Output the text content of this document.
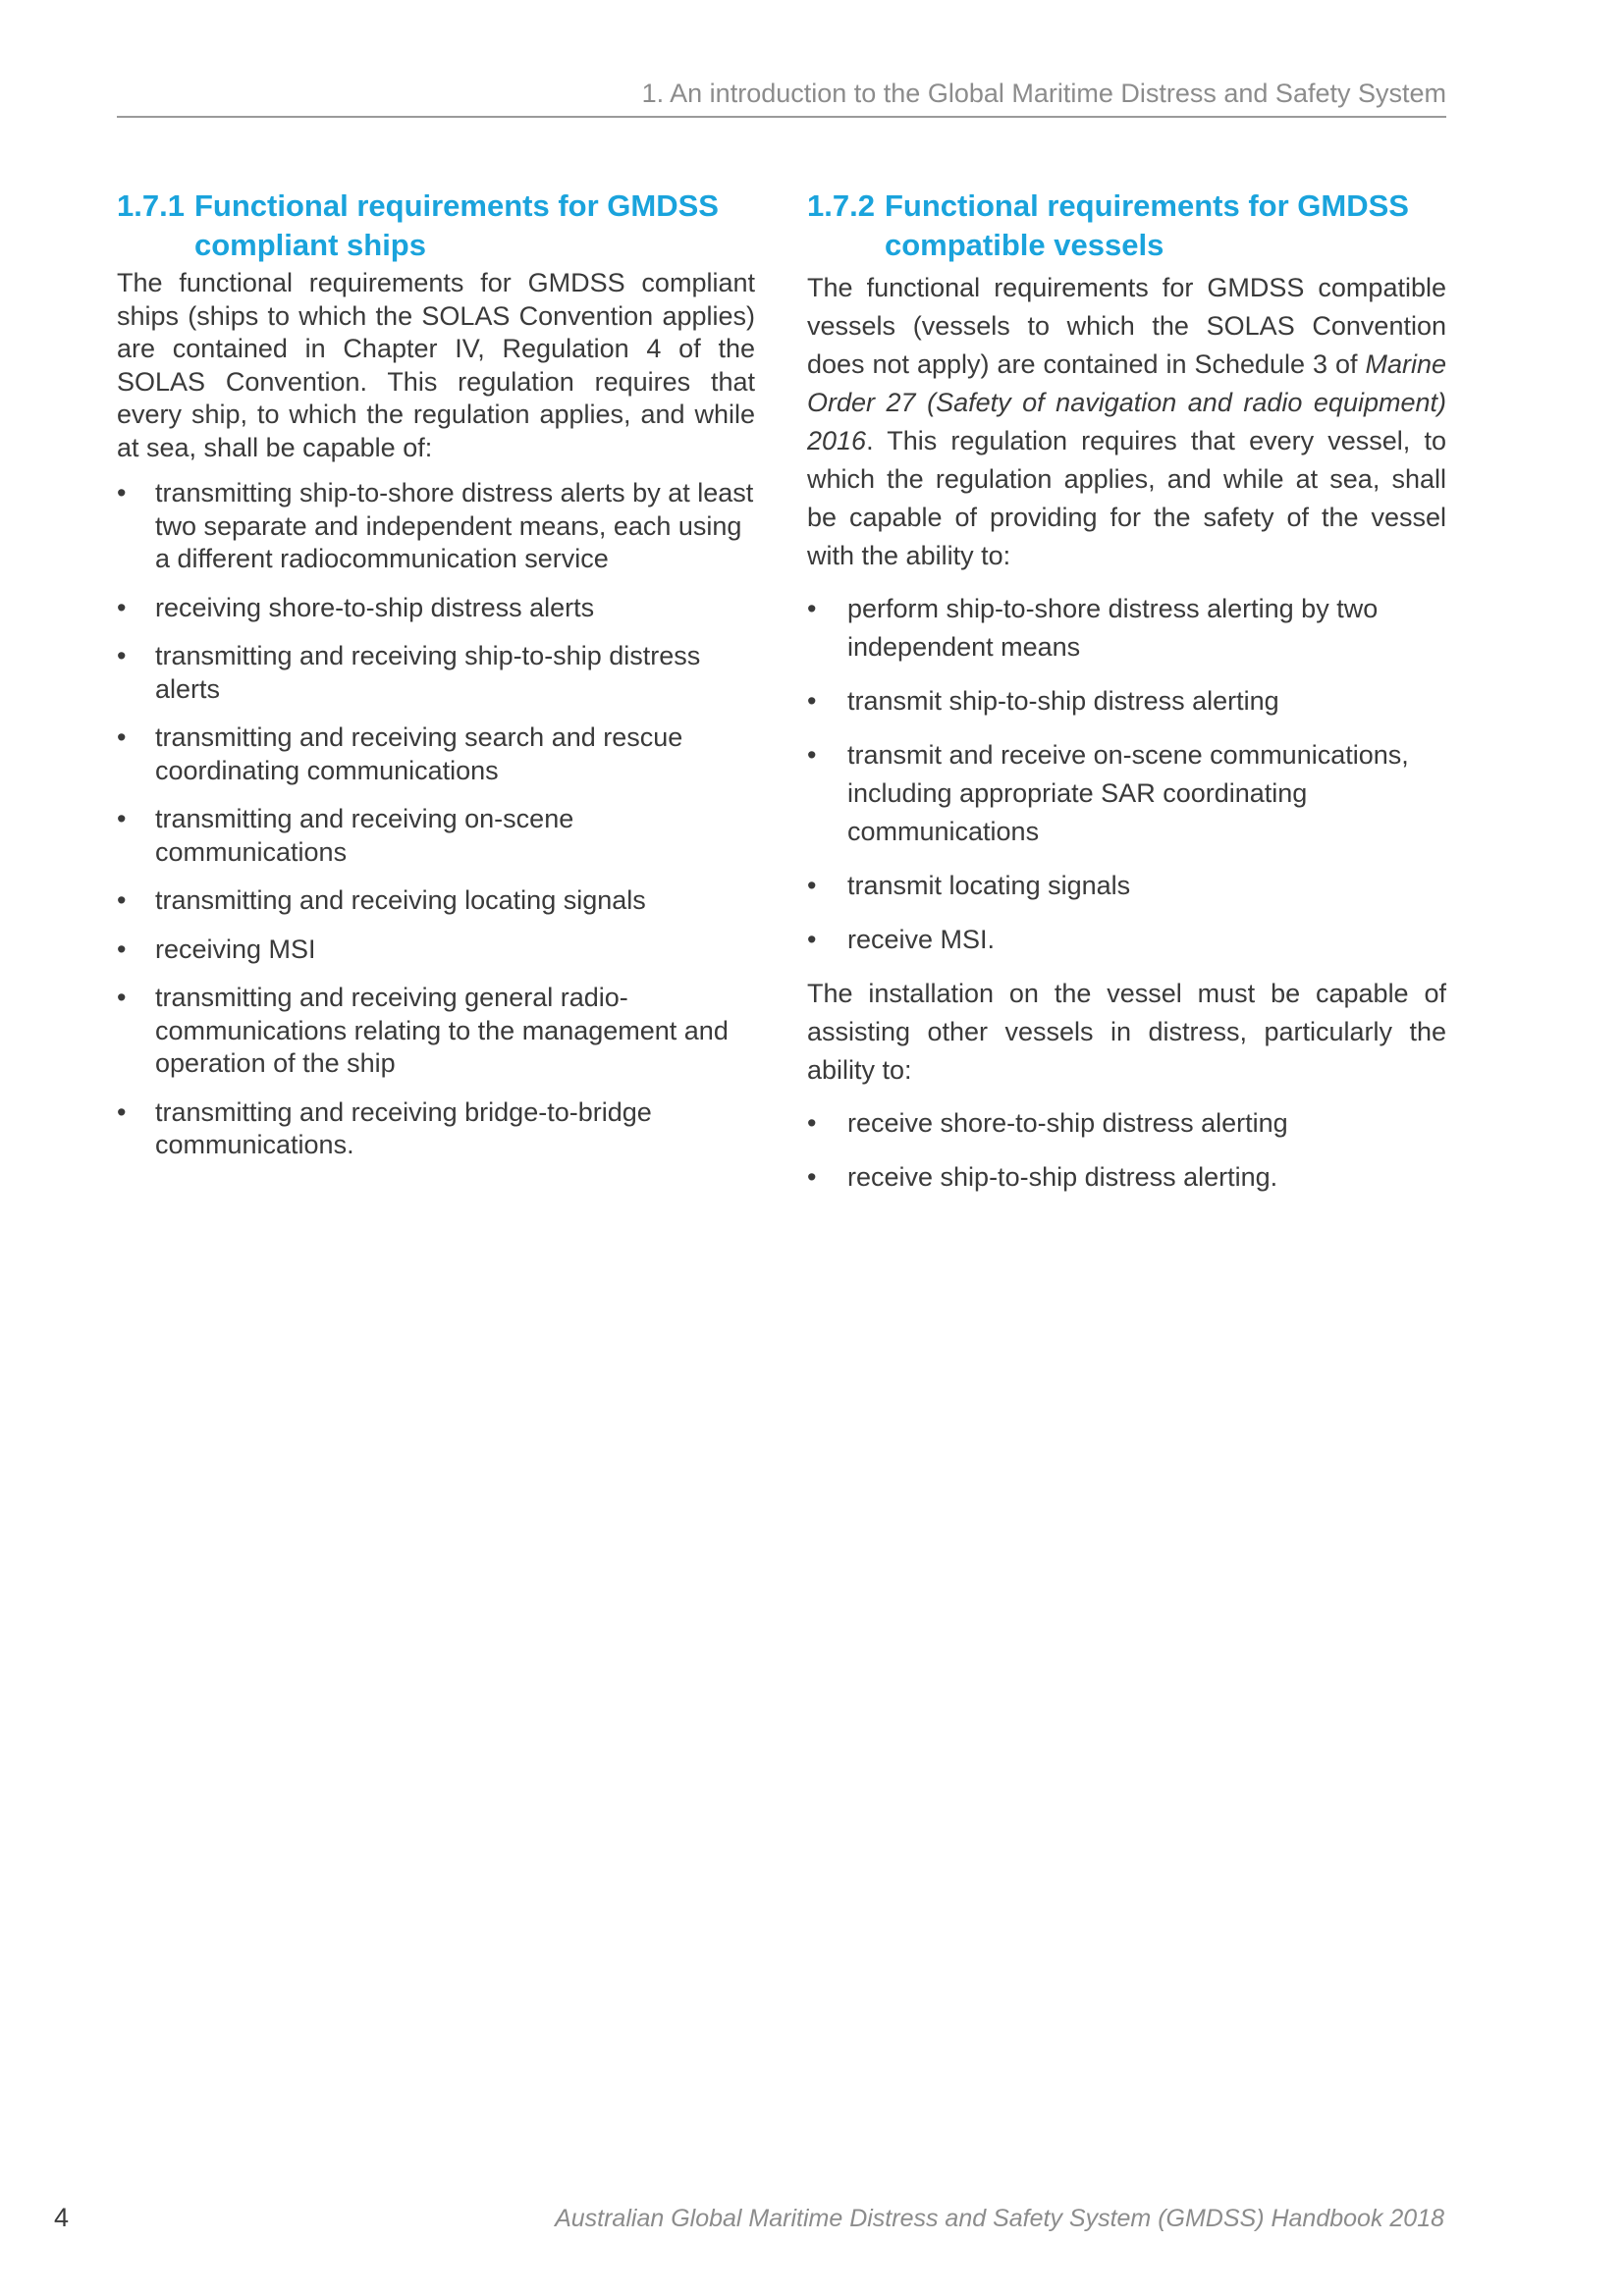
1. An introduction to the Global Maritime Distress and Safety System
1.7.1 Functional requirements for GMDSS compliant ships

The functional requirements for GMDSS compliant ships (ships to which the SOLAS Convention applies) are contained in Chapter IV, Regulation 4 of the SOLAS Convention. This regulation requires that every ship, to which the regulation applies, and while at sea, shall be capable of:

• transmitting ship-to-shore distress alerts by at least two separate and independent means, each using a different radiocommunication service
• receiving shore-to-ship distress alerts
• transmitting and receiving ship-to-ship distress alerts
• transmitting and receiving search and rescue coordinating communications
• transmitting and receiving on-scene communications
• transmitting and receiving locating signals
• receiving MSI
• transmitting and receiving general radio-communications relating to the management and operation of the ship
• transmitting and receiving bridge-to-bridge communications.
1.7.2 Functional requirements for GMDSS compatible vessels

The functional requirements for GMDSS compatible vessels (vessels to which the SOLAS Convention does not apply) are contained in Schedule 3 of Marine Order 27 (Safety of navigation and radio equipment) 2016. This regulation requires that every vessel, to which the regulation applies, and while at sea, shall be capable of providing for the safety of the vessel with the ability to:

• perform ship-to-shore distress alerting by two independent means
• transmit ship-to-ship distress alerting
• transmit and receive on-scene communications, including appropriate SAR coordinating communications
• transmit locating signals
• receive MSI.

The installation on the vessel must be capable of assisting other vessels in distress, particularly the ability to:

• receive shore-to-ship distress alerting
• receive ship-to-ship distress alerting.
4	Australian Global Maritime Distress and Safety System (GMDSS) Handbook 2018
